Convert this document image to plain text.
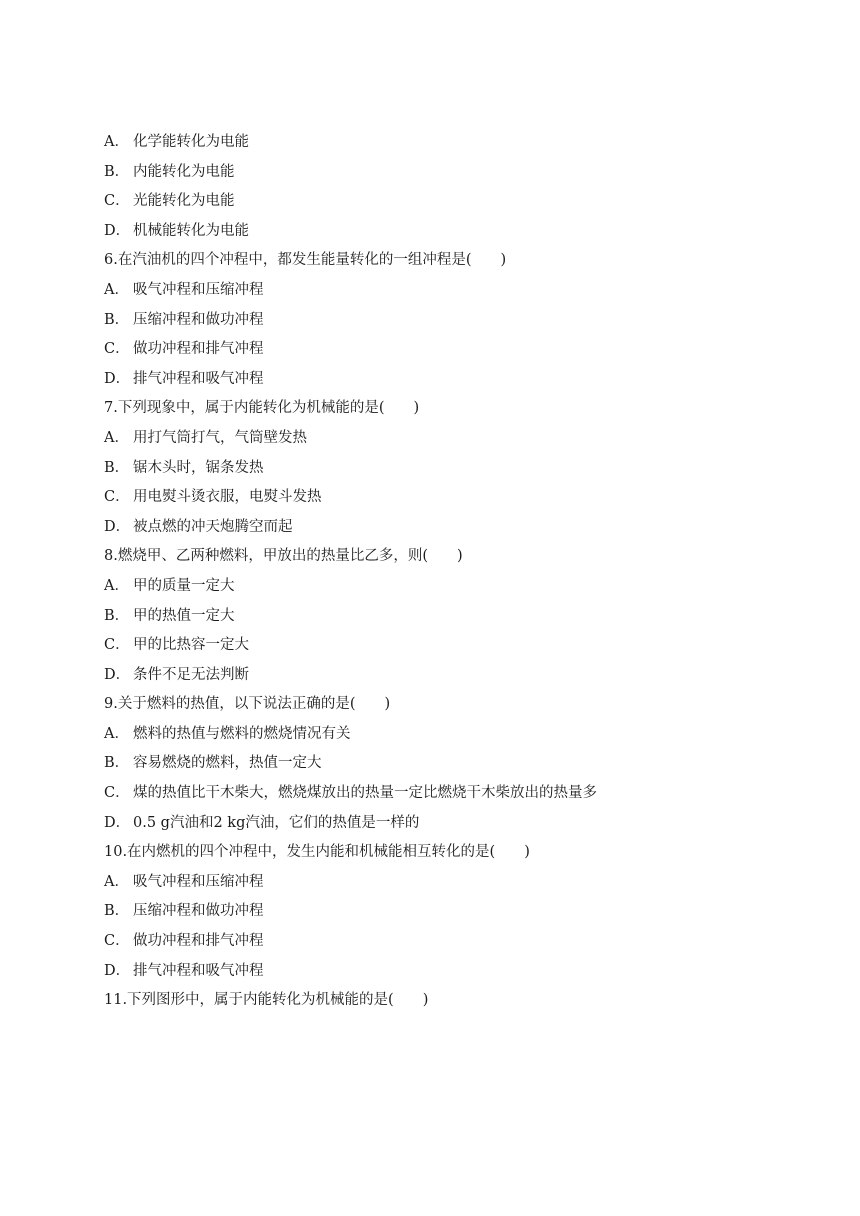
A． 化学能转化为电能
B． 内能转化为电能
C． 光能转化为电能
D． 机械能转化为电能
6.在汽油机的四个冲程中，都发生能量转化的一组冲程是(　　)
A． 吸气冲程和压缩冲程
B． 压缩冲程和做功冲程
C． 做功冲程和排气冲程
D． 排气冲程和吸气冲程
7.下列现象中，属于内能转化为机械能的是(　　)
A． 用打气筒打气，气筒壁发热
B． 锯木头时，锯条发热
C． 用电熨斗烫衣服，电熨斗发热
D． 被点燃的冲天炮腾空而起
8.燃烧甲、乙两种燃料，甲放出的热量比乙多，则(　　)
A． 甲的质量一定大
B． 甲的热值一定大
C． 甲的比热容一定大
D． 条件不足无法判断
9.关于燃料的热值，以下说法正确的是(　　)
A． 燃料的热值与燃料的燃烧情况有关
B． 容易燃烧的燃料，热值一定大
C． 煤的热值比干木柴大，燃烧煤放出的热量一定比燃烧干木柴放出的热量多
D． 0.5 g汽油和2 kg汽油，它们的热值是一样的
10.在内燃机的四个冲程中，发生内能和机械能相互转化的是(　　)
A． 吸气冲程和压缩冲程
B． 压缩冲程和做功冲程
C． 做功冲程和排气冲程
D． 排气冲程和吸气冲程
11.下列图形中，属于内能转化为机械能的是(　　)
